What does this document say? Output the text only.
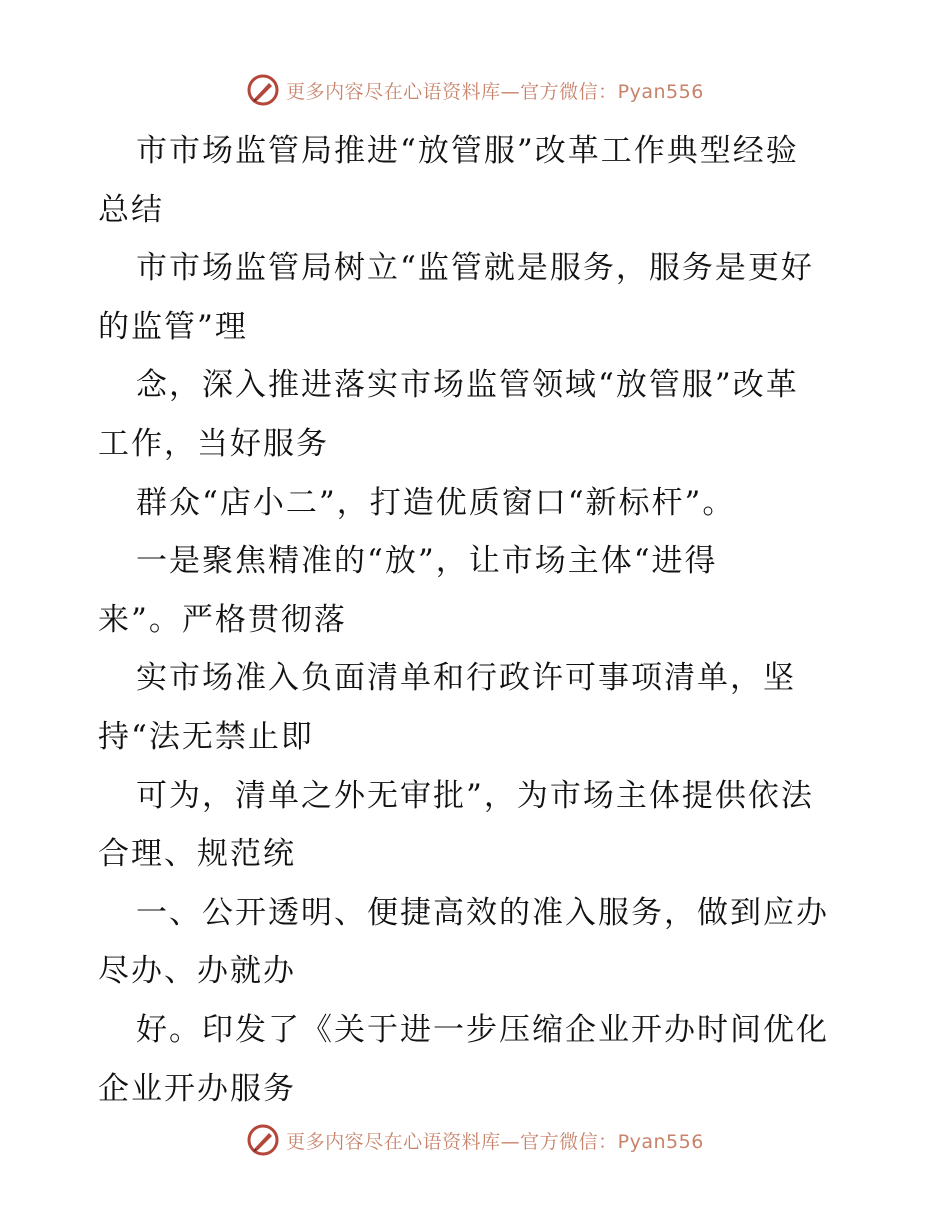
更多内容尽在心语资料库—官方微信：Pyan556
市市场监管局推进“放管服”改革工作典型经验
总结
市市场监管局树立“监管就是服务，服务是更好
的监管”理
念，深入推进落实市场监管领域“放管服”改革
工作，当好服务
群众“店小二”，打造优质窗口“新标杆”。
一是聚焦精准的“放”，让市场主体“进得
来”。严格贯彻落
实市场准入负面清单和行政许可事项清单，坚
持“法无禁止即
可为，清单之外无审批”，为市场主体提供依法
合理、规范统
一、公开透明、便捷高效的准入服务，做到应办
尽办、办就办
好。印发了《关于进一步压缩企业开办时间优化
企业开办服务
更多内容尽在心语资料库—官方微信：Pyan556
